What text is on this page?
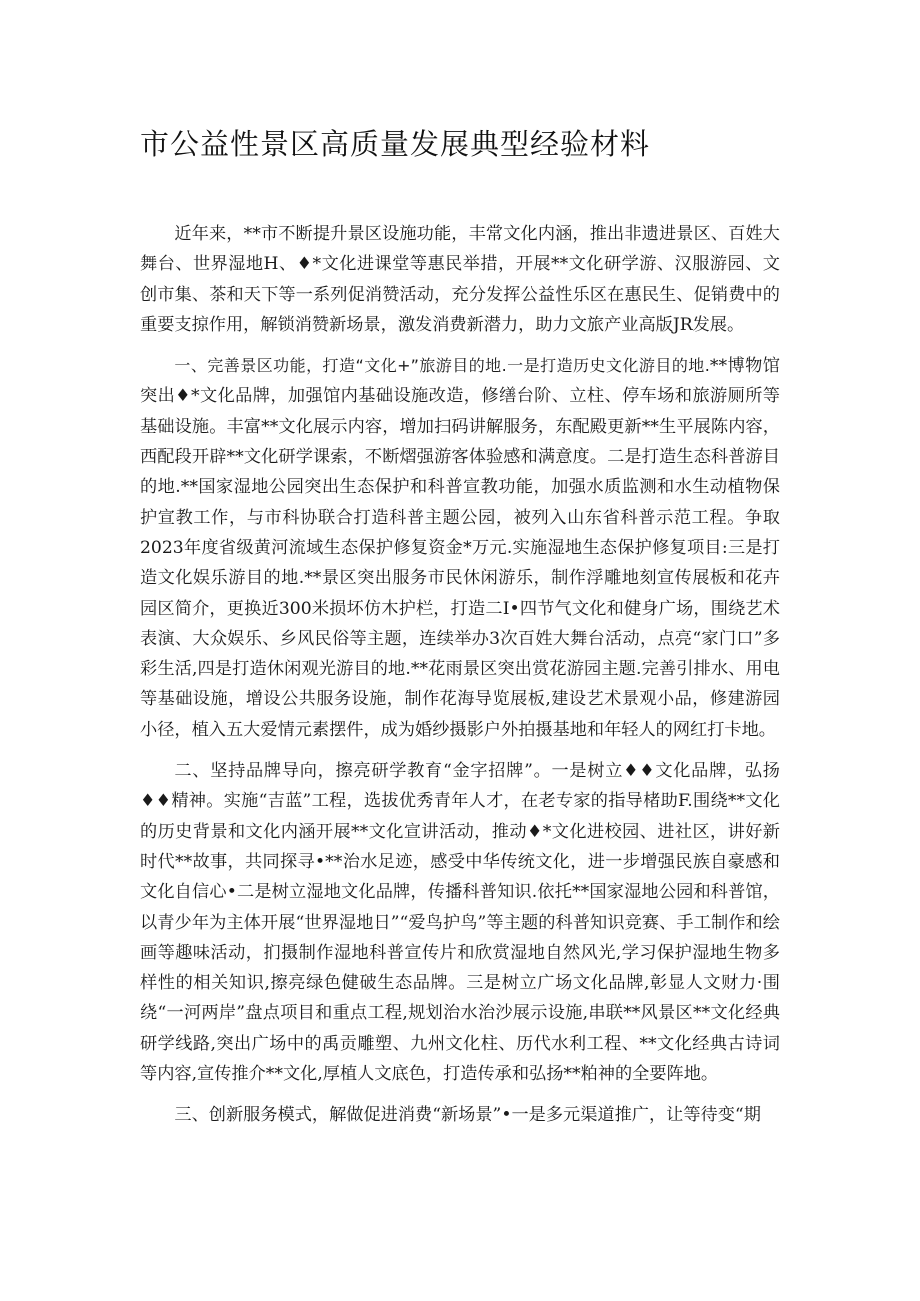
市公益性景区高质量发展典型经验材料

近年来，**市不断提升景区设施功能，丰常文化内涵，推出非遗进景区、百姓大舞台、世界湿地H、♦*文化进课堂等惠民举措，开展**文化研学游、汉服游园、文创市集、茶和天下等一系列促消赞活动，充分发挥公益性乐区在惠民生、促销费中的重要支掠作用，解锁消赞新场景，激发消费新潜力，助力文旅产业高版JR发展。

一、完善景区功能，打造“文化+”旅游目的地.一是打造历史文化游目的地.**博物馆突出♦*文化品牌，加强馆内基础设施改造，修缮台阶、立柱、停车场和旅游厕所等基础设施。丰富**文化展示内容，增加扫码讲解服务，东配殿更新**生平展陈内容，西配段开辟**文化研学课索，不断熠强游客体验感和满意度。二是打造生态科普游目的地.**国家湿地公园突出生态保护和科普宣教功能，加强水质监测和水生动植物保护宣教工作，与市科协联合打造科普主题公园，被列入山东省科普示范工程。争取2023年度省级黄河流域生态保护修复资金*万元.实施湿地生态保护修复项目:三是打造文化娱乐游目的地.**景区突出服务市民休闲游乐，制作浮雕地刻宣传展板和花卉园区简介，更换近300米损坏仿木护栏，打造二I•四节气文化和健身广场，围绕艺术表演、大众娱乐、乡风民俗等主题，连续举办3次百姓大舞台活动，点亮“家门口”多彩生活,四是打造休闲观光游目的地.**花雨景区突出赏花游园主题.完善引排水、用电等基础设施，增设公共服务设施，制作花海导览展板,建设艺术景观小品，修建游园小径，植入五大爱情元素摆件，成为婚纱摄影户外拍摄基地和年轻人的网红打卡地。

二、坚持品牌导向，擦亮研学教育“金字招牌”。一是树立♦♦文化品牌，弘扬♦♦精神。实施“吉蓝”工程，选拔优秀青年人才，在老专家的指导楮助F.围绕**文化的历史背景和文化内涵开展**文化宣讲活动，推动♦*文化进校园、进社区，讲好新时代**故事，共同探寻•**治水足迹，感受中华传统文化，进一步增强民族自豪感和文化自信心•二是树立湿地文化品牌，传播科普知识.依托**国家湿地公园和科普馆，以青少年为主体开展“世界湿地日”“爱鸟护鸟”等主题的科普知识竞赛、手工制作和绘画等趣味活动，扪摄制作湿地科普宣传片和欣赏湿地自然风光,学习保护湿地生物多样性的相关知识,擦亮绿色健破生态品牌。三是树立广场文化品牌,彰显人文财力·围绕“一河两岸”盘点项目和重点工程,规划治水治沙展示设施,串联**风景区**文化经典研学线路,突出广场中的禹贡雕塑、九州文化柱、历代水利工程、**文化经典古诗词等内容,宣传推介**文化,厚植人文底色，打造传承和弘扬**粕神的全要阵地。

三、创新服务模式，解做促进消费“新场景”•一是多元渠道推广，让等待变“期
